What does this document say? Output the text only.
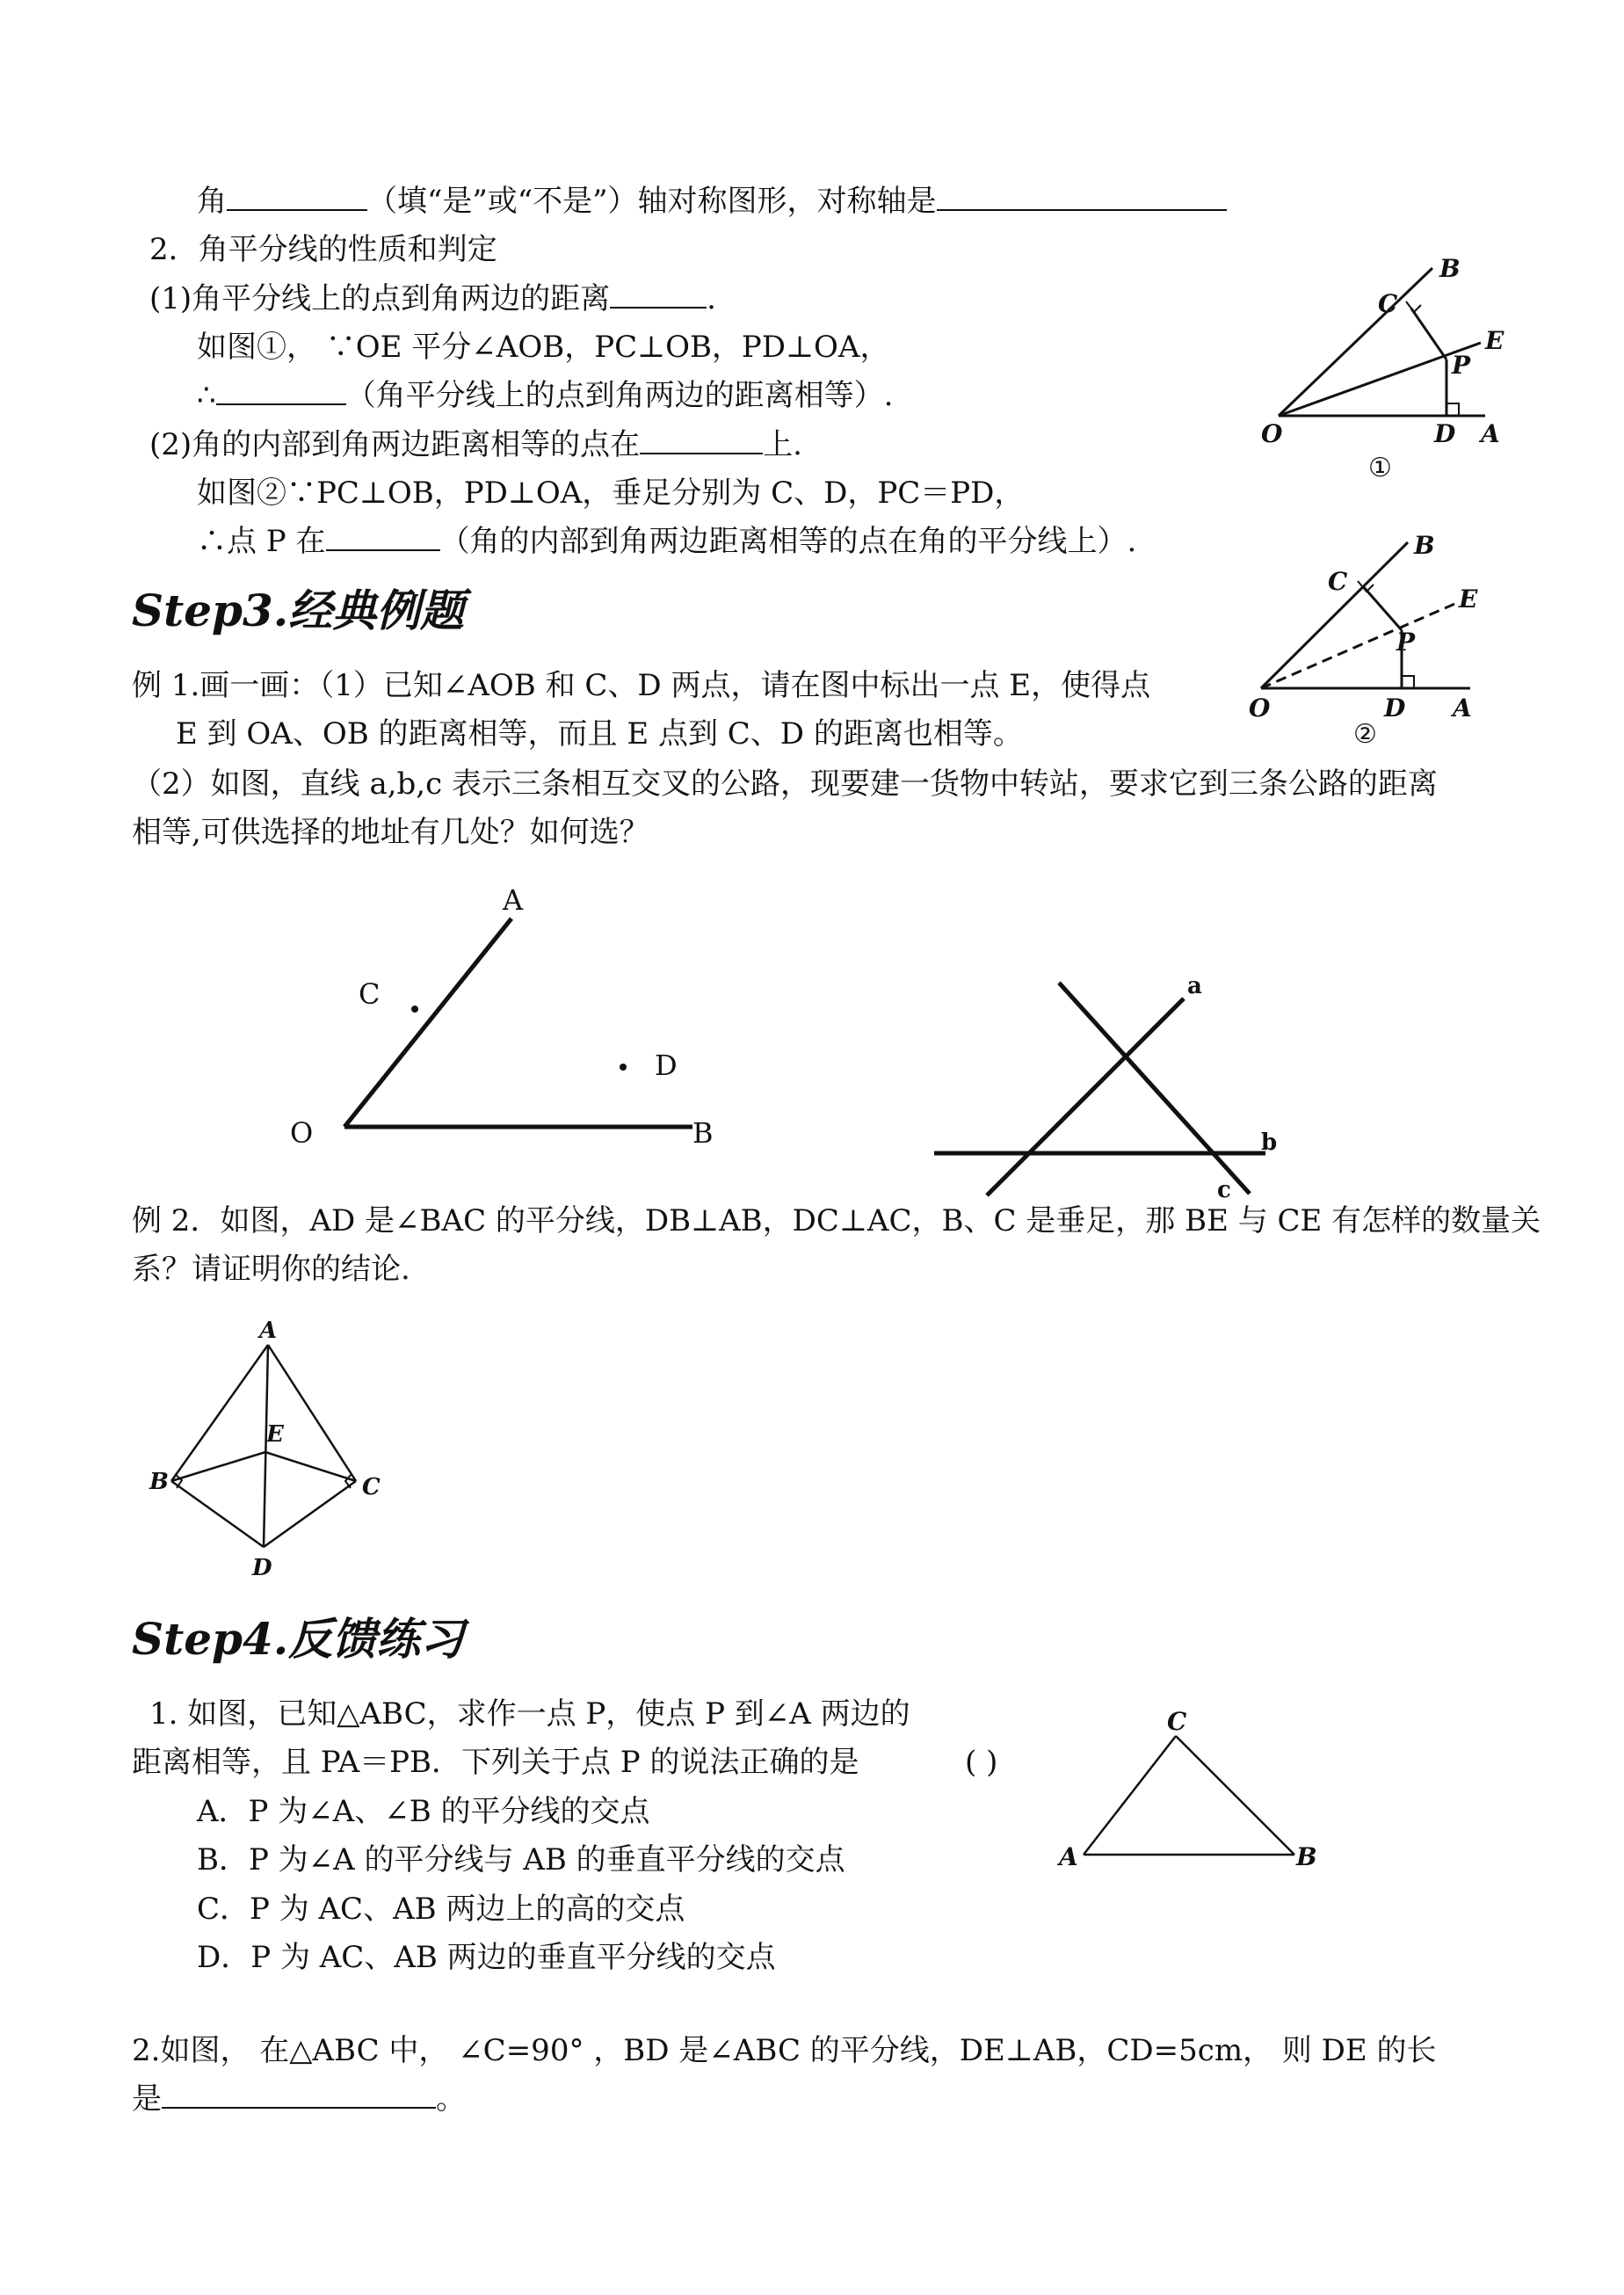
角	（填“是”或“不是”）轴对称图形，对称轴是
2．角平分线的性质和判定
(1)角平分线上的点到角两边的距离	.
如图①， ∵OE 平分∠AOB，PC⊥OB，PD⊥OA，
∴	（角平分线上的点到角两边的距离相等）.
(2)角的内部到角两边距离相等的点在	上.
如图②∵PC⊥OB，PD⊥OA，垂足分别为 C、D，PC＝PD，
∴点 P 在	（角的内部到角两边距离相等的点在角的平分线上）.
B
C
E
P
O	D A
①
B
C
E
P
O	D A
②
Step3.经典例题
例 1.画一画：（1）已知∠AOB 和 C、D 两点，请在图中标出一点 E，使得点
E 到 OA、OB 的距离相等，而且 E 点到 C、D 的距离也相等。
（2）如图，直线 a,b,c 表示三条相互交叉的公路，现要建一货物中转站，要求它到三条公路的距离
相等,可供选择的地址有几处？如何选？
A
C
D
O	B
a
b
c
例 2．如图，AD 是∠BAC 的平分线，DB⊥AB，DC⊥AC，B、C 是垂足，那 BE 与 CE 有怎样的数量关
系？请证明你的结论.
A
E
B	C
D
Step4.反馈练习
1. 如图，已知△ABC，求作一点 P，使点 P 到∠A 两边的
距离相等，且 PA＝PB．下列关于点 P 的说法正确的是	( )
A．P 为∠A、∠B 的平分线的交点
B．P 为∠A 的平分线与 AB 的垂直平分线的交点
C．P 为 AC、AB 两边上的高的交点
D．P 为 AC、AB 两边的垂直平分线的交点
C
A	B
2.如图， 在△ABC 中， ∠C=90° ，BD 是∠ABC 的平分线，DE⊥AB，CD=5cm， 则 DE 的长
是	。
